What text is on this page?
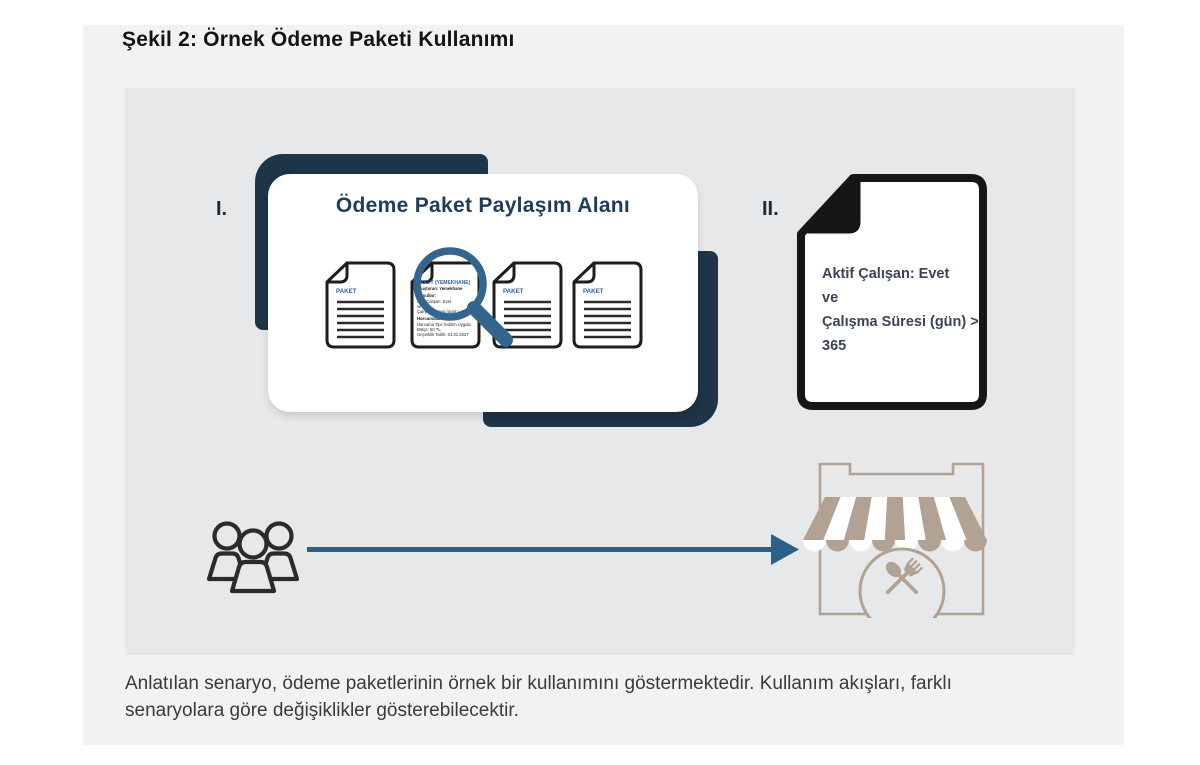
Şekil 2: Örnek Ödeme Paketi Kullanımı
I.	II.
Ödeme Paket Paylaşım Alanı
PAKET
PAKET (YEMEKHANE)
Oluşturan: Yemekhane
Koşullar:
Aktif Çalışan: Evet
ve
Çalışma Süresi (gün) > 365
Harcamalar:
Harcama Tipi: İndirim Uygula
Bütçe: 50 TL
Geçerlilik Tarihi: 01.01.2027
PAKET	PAKET
Aktif Çalışan: Evet
ve
Çalışma Süresi (gün) > 365
Anlatılan senaryo, ödeme paketlerinin örnek bir kullanımını göstermektedir. Kullanım akışları, farklı senaryolara göre değişiklikler gösterebilecektir.
